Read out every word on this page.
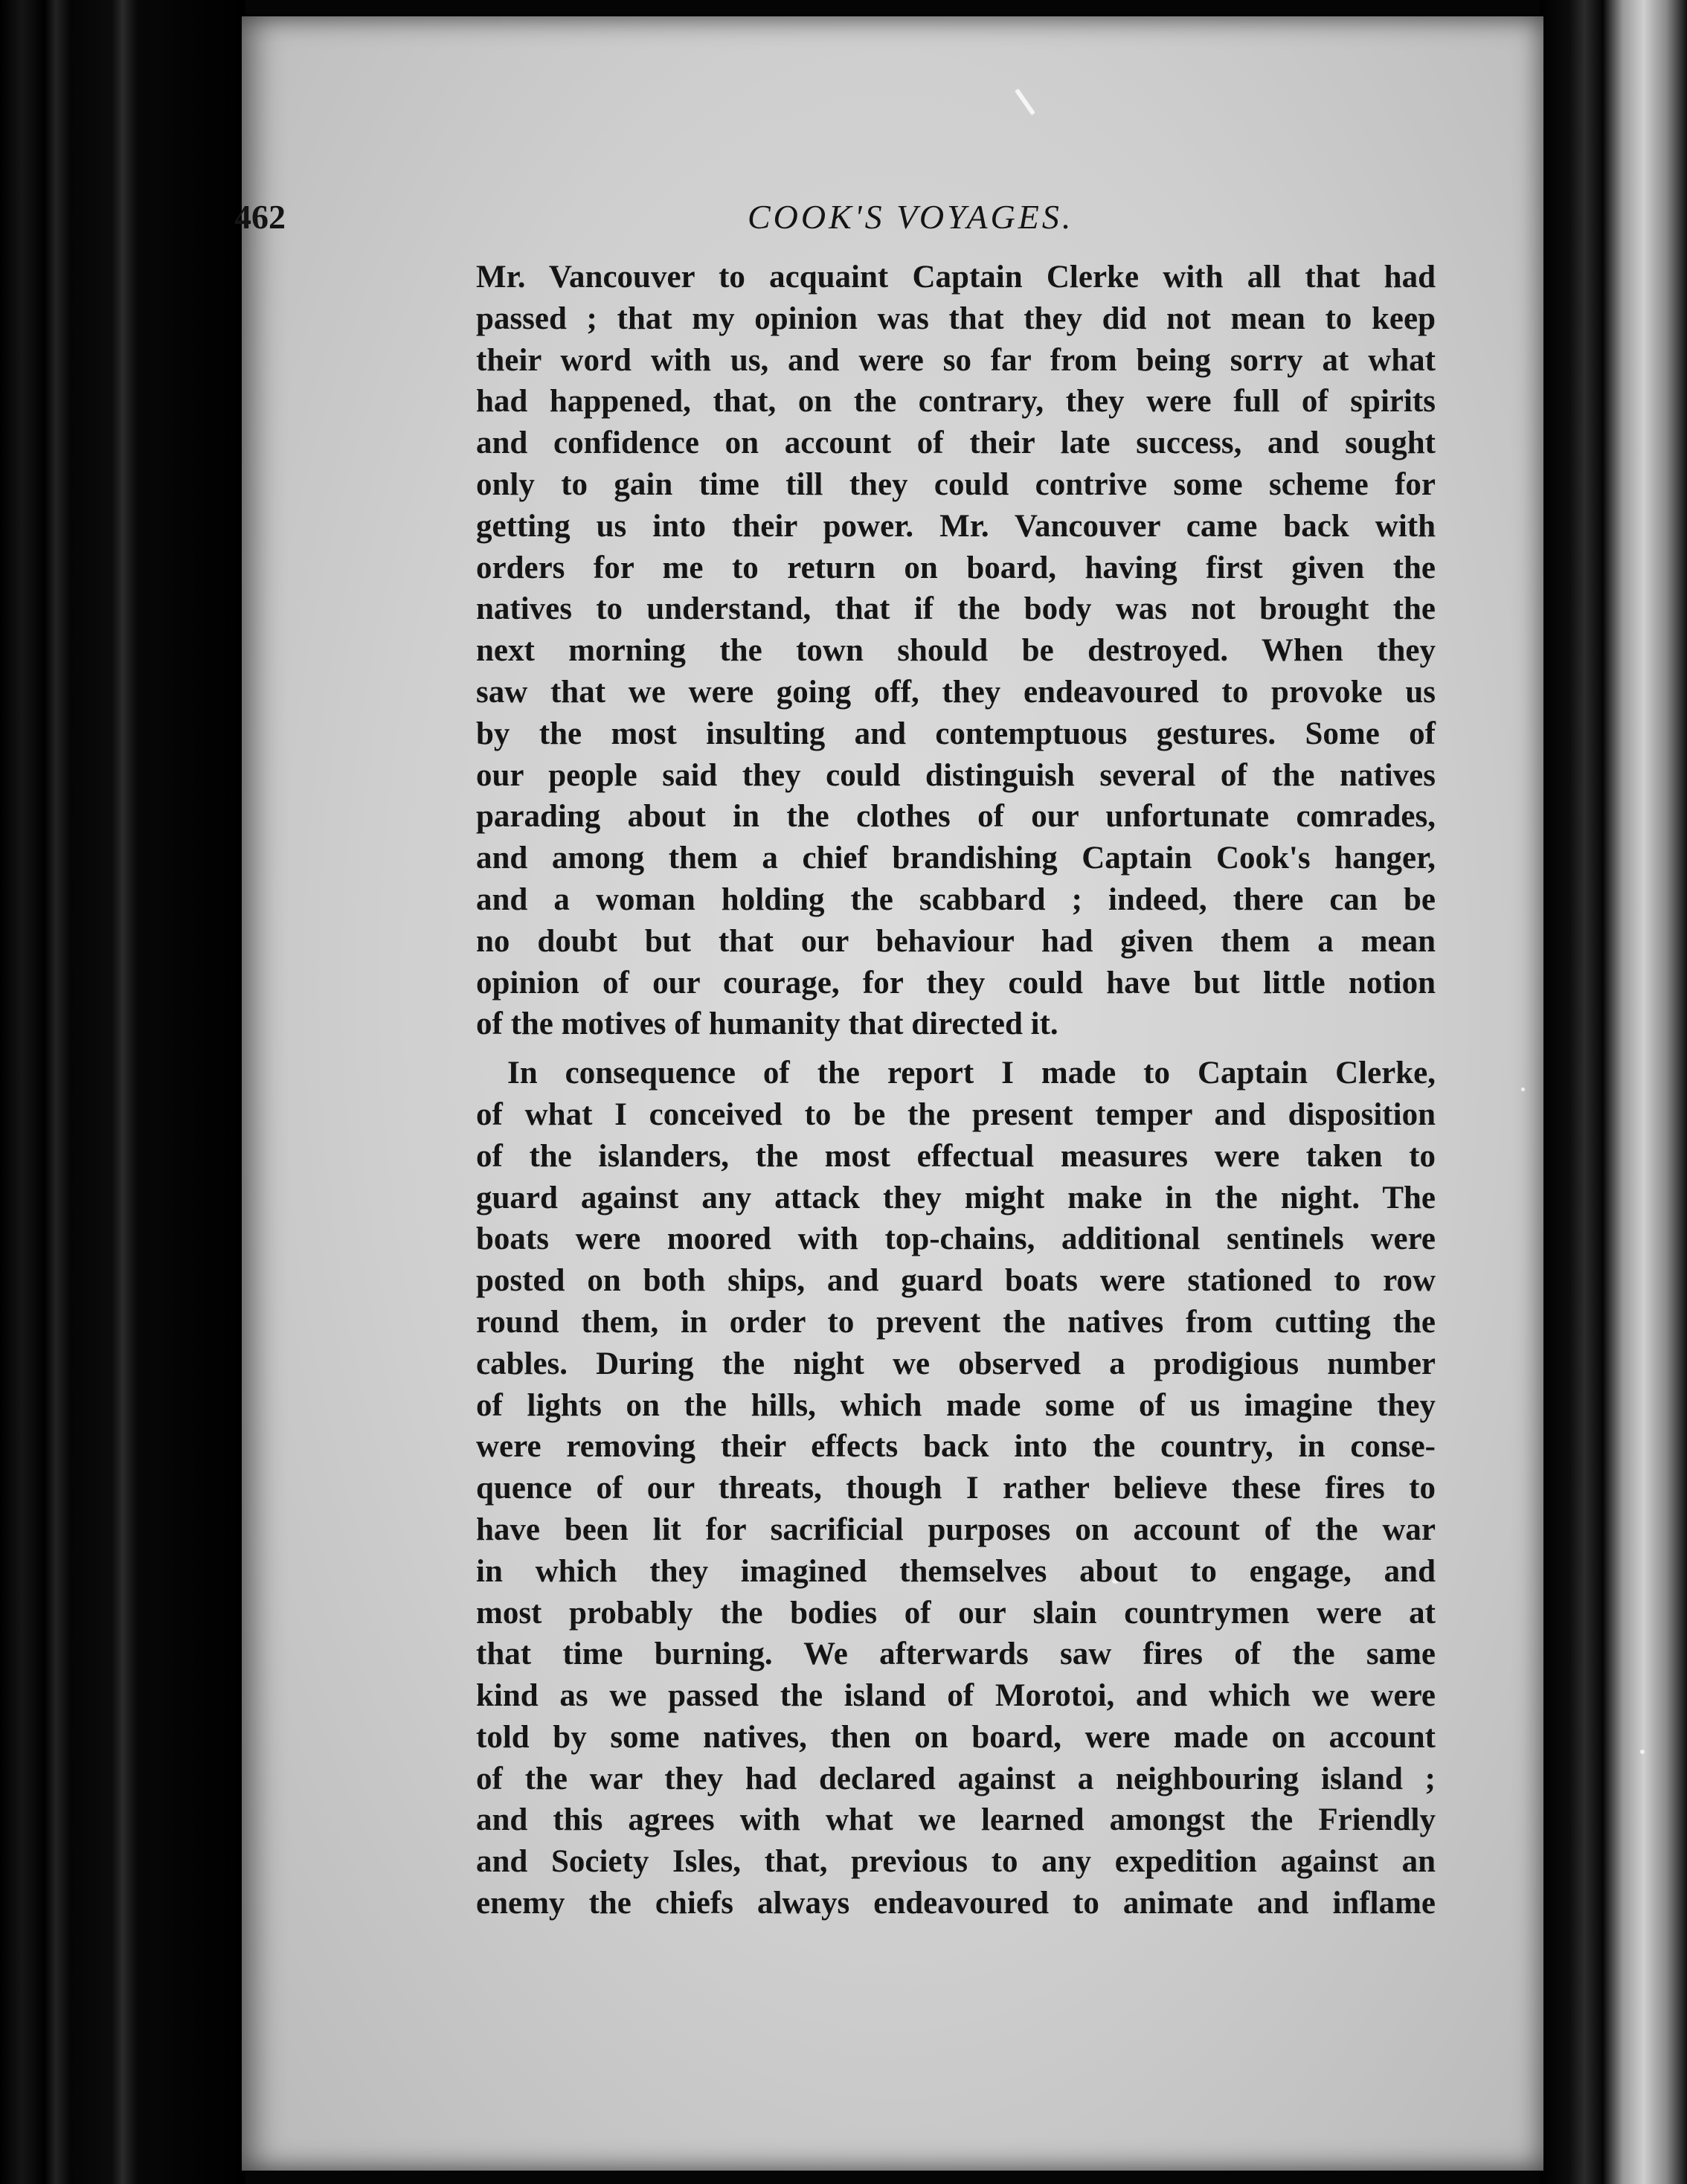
462	COOK'S VOYAGES.
Mr. Vancouver to acquaint Captain Clerke with all that had
passed ; that my opinion was that they did not mean to keep
their word with us, and were so far from being sorry at what
had happened, that, on the contrary, they were full of spirits
and confidence on account of their late success, and sought
only to gain time till they could contrive some scheme for
getting us into their power. Mr. Vancouver came back with
orders for me to return on board, having first given the
natives to understand, that if the body was not brought the
next morning the town should be destroyed. When they
saw that we were going off, they endeavoured to provoke us
by the most insulting and contemptuous gestures. Some of
our people said they could distinguish several of the natives
parading about in the clothes of our unfortunate comrades,
and among them a chief brandishing Captain Cook's hanger,
and a woman holding the scabbard ; indeed, there can be
no doubt but that our behaviour had given them a mean
opinion of our courage, for they could have but little notion
of the motives of humanity that directed it.
In consequence of the report I made to Captain Clerke,
of what I conceived to be the present temper and disposition
of the islanders, the most effectual measures were taken to
guard against any attack they might make in the night. The
boats were moored with top-chains, additional sentinels were
posted on both ships, and guard boats were stationed to row
round them, in order to prevent the natives from cutting the
cables. During the night we observed a prodigious number
of lights on the hills, which made some of us imagine they
were removing their effects back into the country, in conse-
quence of our threats, though I rather believe these fires to
have been lit for sacrificial purposes on account of the war
in which they imagined themselves about to engage, and
most probably the bodies of our slain countrymen were at
that time burning. We afterwards saw fires of the same
kind as we passed the island of Morotoi, and which we were
told by some natives, then on board, were made on account
of the war they had declared against a neighbouring island ;
and this agrees with what we learned amongst the Friendly
and Society Isles, that, previous to any expedition against an
enemy the chiefs always endeavoured to animate and inflame
